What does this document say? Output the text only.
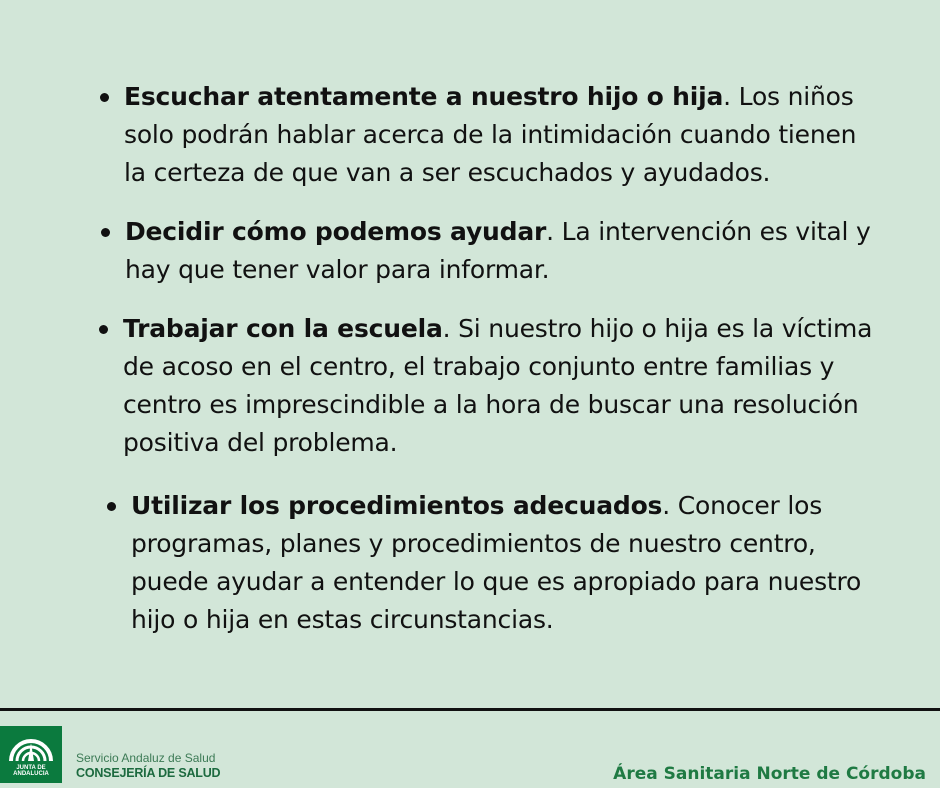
Escuchar atentamente a nuestro hijo o hija. Los niños solo podrán hablar acerca de la intimidación cuando tienen la certeza de que van a ser escuchados y ayudados.
Decidir cómo podemos ayudar. La intervención es vital y hay que tener valor para informar.
Trabajar con la escuela. Si nuestro hijo o hija es la víctima de acoso en el centro, el trabajo conjunto entre familias y centro es imprescindible a la hora de buscar una resolución positiva del problema.
Utilizar los procedimientos adecuados. Conocer los programas, planes y procedimientos de nuestro centro, puede ayudar a entender lo que es apropiado para nuestro hijo o hija en estas circunstancias.
JUNTA DE ANDALUCIA
Servicio Andaluz de Salud
CONSEJERÍA DE SALUD	Área Sanitaria Norte de Córdoba
